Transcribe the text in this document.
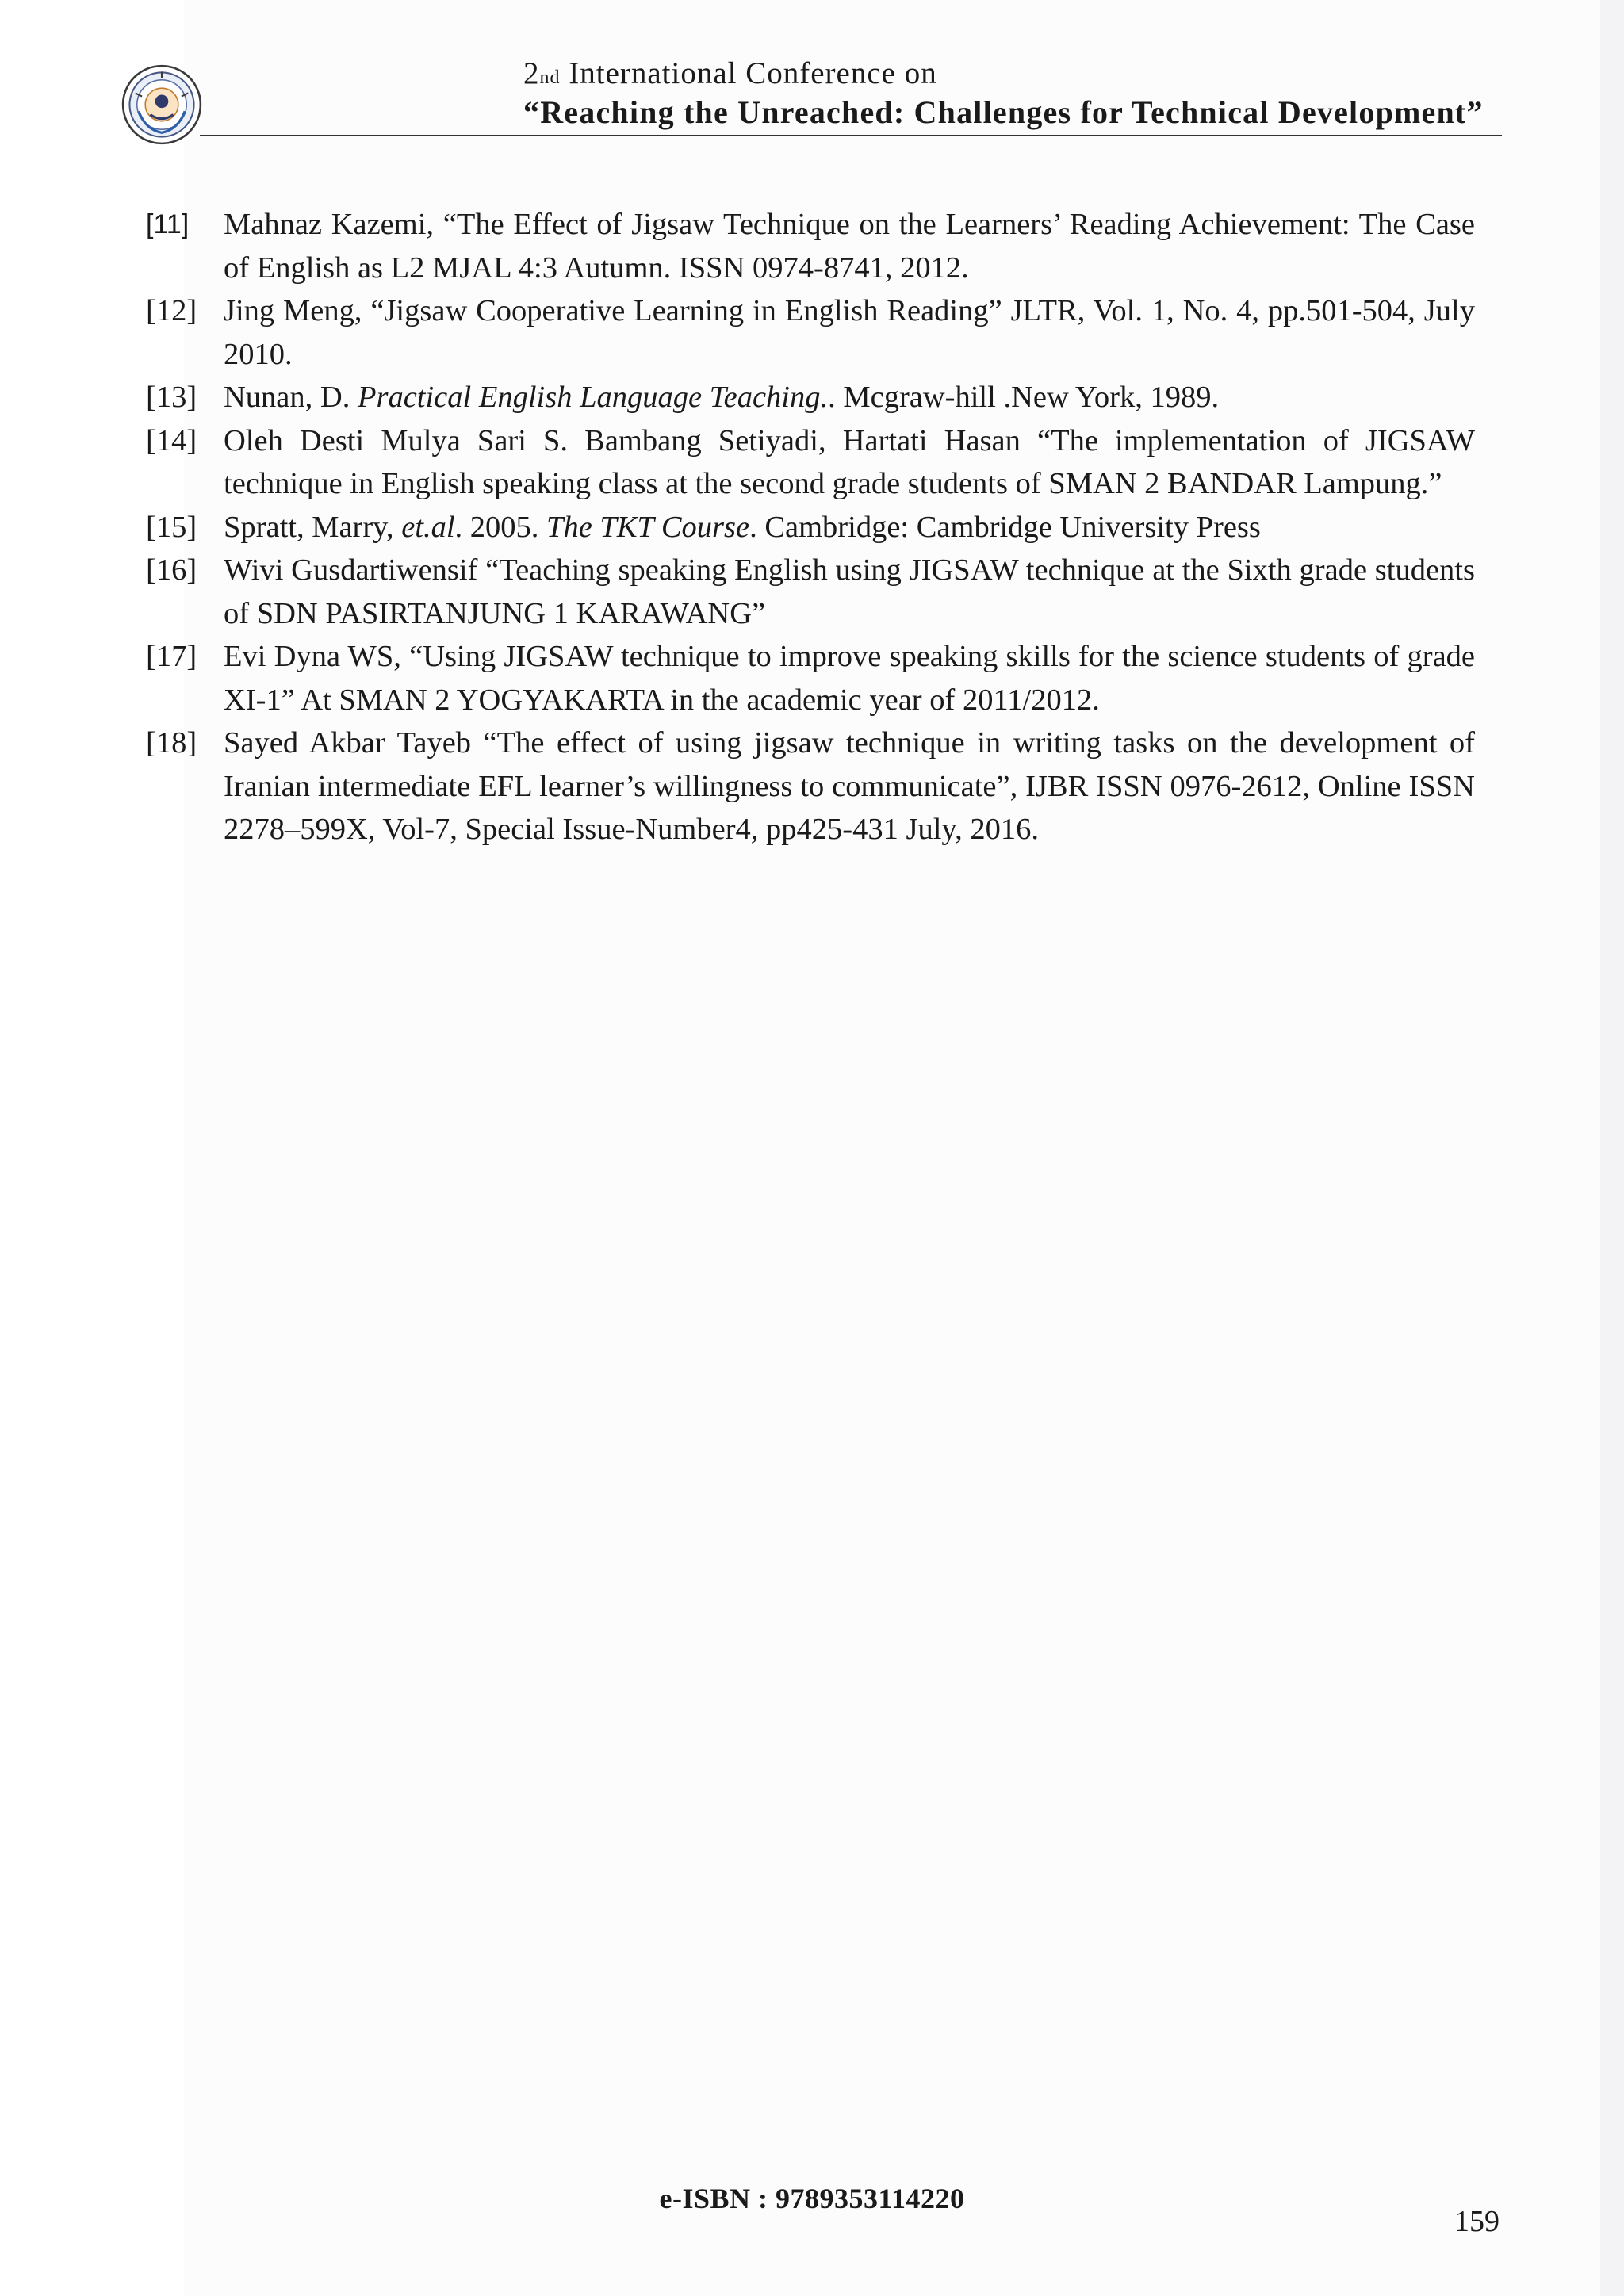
2nd International Conference on
“Reaching the Unreached: Challenges for Technical Development”
[11]	Mahnaz Kazemi, “The Effect of Jigsaw Technique on the Learners’ Reading Achievement: The Case of English as L2 MJAL 4:3 Autumn. ISSN 0974-8741, 2012.
[12] Jing Meng, “Jigsaw Cooperative Learning in English Reading” JLTR, Vol. 1, No. 4, pp.501-504, July 2010.
[13] Nunan, D. Practical English Language Teaching.. Mcgraw-hill .New York, 1989.
[14] Oleh Desti Mulya Sari S. Bambang Setiyadi, Hartati Hasan “The implementation of JIGSAW technique in English speaking class at the second grade students of SMAN 2 BANDAR Lampung.”
[15] Spratt, Marry, et.al. 2005. The TKT Course. Cambridge: Cambridge University Press
[16] Wivi Gusdartiwensif “Teaching speaking English using JIGSAW technique at the Sixth grade students of SDN PASIRTANJUNG 1 KARAWANG”
[17] Evi Dyna WS, “Using JIGSAW technique to improve speaking skills for the science students of grade XI-1” At SMAN 2 YOGYAKARTA in the academic year of 2011/2012.
[18] Sayed Akbar Tayeb “The effect of using jigsaw technique in writing tasks on the development of Iranian intermediate EFL learner’s willingness to communicate”, IJBR ISSN 0976-2612, Online ISSN 2278–599X, Vol-7, Special Issue-Number4, pp425-431 July, 2016.
e-ISBN : 9789353114220
159
